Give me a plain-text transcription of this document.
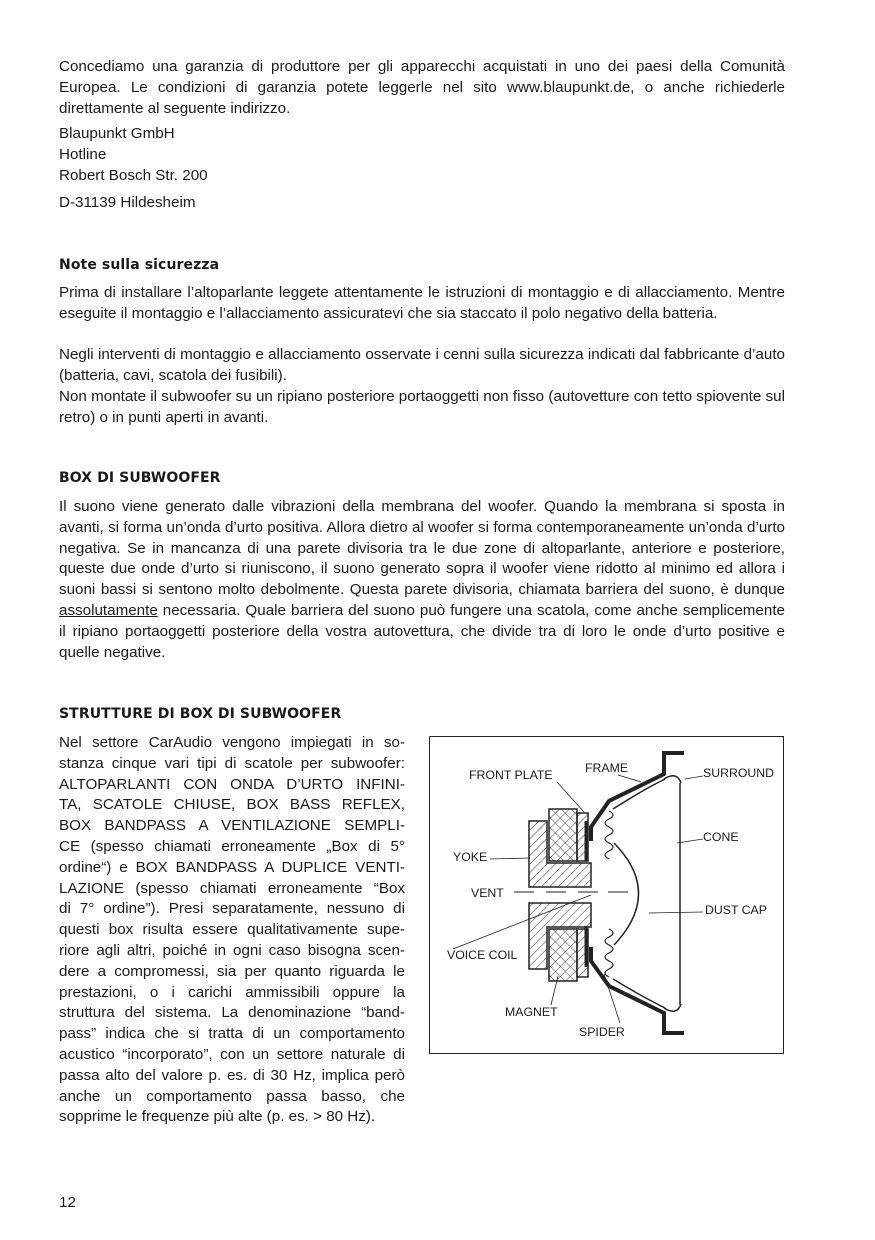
Concediamo una garanzia di produttore per gli apparecchi acquistati in uno dei paesi della Comunità Europea. Le condizioni di garanzia potete leggerle nel sito www.blaupunkt.de, o anche richiederle direttamente al seguente indirizzo.

Blaupunkt GmbH
Hotline
Robert Bosch Str. 200
D-31139 Hildesheim
Note sulla sicurezza

Prima di installare l’altoparlante leggete attentamente le istruzioni di montaggio e di allacciamento. Mentre eseguite il montaggio e l’allacciamento assicuratevi che sia staccato il polo negativo della batteria.

Negli interventi di montaggio e allacciamento osservate i cenni sulla sicurezza indicati dal fabbricante d’auto (batteria, cavi, scatola dei fusibili).

Non montate il subwoofer su un ripiano posteriore portaoggetti non fisso (autovetture con tetto spiovente sul retro) o in punti aperti in avanti.

BOX DI SUBWOOFER

Il suono viene generato dalle vibrazioni della membrana del woofer. Quando la membrana si sposta in avanti, si forma un’onda d’urto positiva. Allora dietro al woofer si forma contemporaneamente un’onda d’urto negativa. Se in mancanza di una parete divisoria tra le due zone di altoparlante, anteriore e posteriore, queste due onde d’urto si riuniscono, il suono generato sopra il woofer viene ridotto al minimo ed allora i suoni bassi si sentono molto debolmente. Questa parete divisoria, chiamata barriera del suono, è dunque assolutamente necessaria. Quale barriera del suono può fungere una scatola, come anche semplicemente il ripiano portaoggetti posteriore della vostra autovettura, che divide tra di loro le onde d’urto positive e quelle negative.

STRUTTURE DI BOX DI SUBWOOFER
Nel settore CarAudio vengono impiegati in so-
stanza cinque vari tipi di scatole per subwoofer:
ALTOPARLANTI CON ONDA D’URTO INFINI-
TA, SCATOLE CHIUSE, BOX BASS REFLEX,
BOX BANDPASS A VENTILAZIONE SEMPLI-
CE (spesso chiamati erroneamente „Box di 5°
ordine“) e BOX BANDPASS A DUPLICE VENTI-
LAZIONE (spesso chiamati erroneamente “Box
di 7° ordine”). Presi separatamente, nessuno di
questi box risulta essere qualitativamente supe-
riore agli altri, poiché in ogni caso bisogna scen-
dere a compromessi, sia per quanto riguarda le
prestazioni, o i carichi ammissibili oppure la
struttura del sistema. La denominazione “band-
pass” indica che si tratta di un comportamento
acustico “incorporato”, con un settore naturale di
passa alto del valore p. es. di 30 Hz, implica però
anche un comportamento passa basso, che
sopprime le frequenze più alte (p. es. > 80 Hz).
FRONT PLATE	FRAME	SURROUND
CONE
YOKE
VENT
DUST CAP
VOICE COIL
MAGNET
SPIDER
12
